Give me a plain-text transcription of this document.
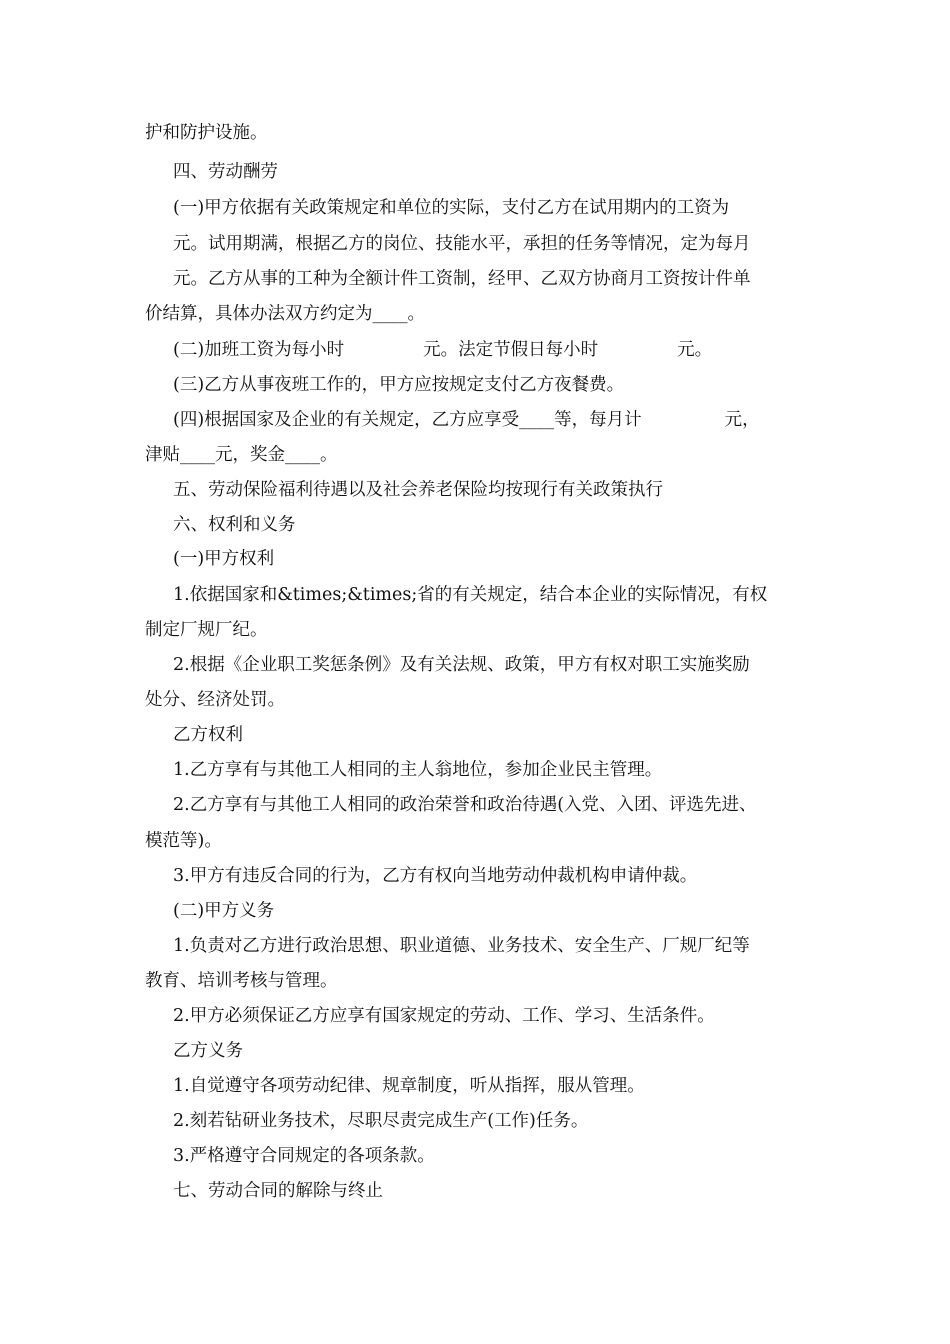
护和防护设施。
四、劳动酬劳
(一)甲方依据有关政策规定和单位的实际，支付乙方在试用期内的工资为
元。试用期满，根据乙方的岗位、技能水平，承担的任务等情况，定为每月
元。乙方从事的工种为全额计件工资制，经甲、乙双方协商月工资按计件单
价结算，具体办法双方约定为____。
(二)加班工资为每小时	元。法定节假日每小时	元。
(三)乙方从事夜班工作的，甲方应按规定支付乙方夜餐费。
(四)根据国家及企业的有关规定，乙方应享受____等，每月计	元，
津贴____元，奖金____。
五、劳动保险福利待遇以及社会养老保险均按现行有关政策执行
六、权利和义务
(一)甲方权利
1.依据国家和&times;&times;省的有关规定，结合本企业的实际情况，有权
制定厂规厂纪。
2.根据《企业职工奖惩条例》及有关法规、政策，甲方有权对职工实施奖励
处分、经济处罚。
乙方权利
1.乙方享有与其他工人相同的主人翁地位，参加企业民主管理。
2.乙方享有与其他工人相同的政治荣誉和政治待遇(入党、入团、评选先进、
模范等)。
3.甲方有违反合同的行为，乙方有权向当地劳动仲裁机构申请仲裁。
(二)甲方义务
1.负责对乙方进行政治思想、职业道德、业务技术、安全生产、厂规厂纪等
教育、培训考核与管理。
2.甲方必须保证乙方应享有国家规定的劳动、工作、学习、生活条件。
乙方义务
1.自觉遵守各项劳动纪律、规章制度，听从指挥，服从管理。
2.刻若钻研业务技术，尽职尽责完成生产(工作)任务。
3.严格遵守合同规定的各项条款。
七、劳动合同的解除与终止
